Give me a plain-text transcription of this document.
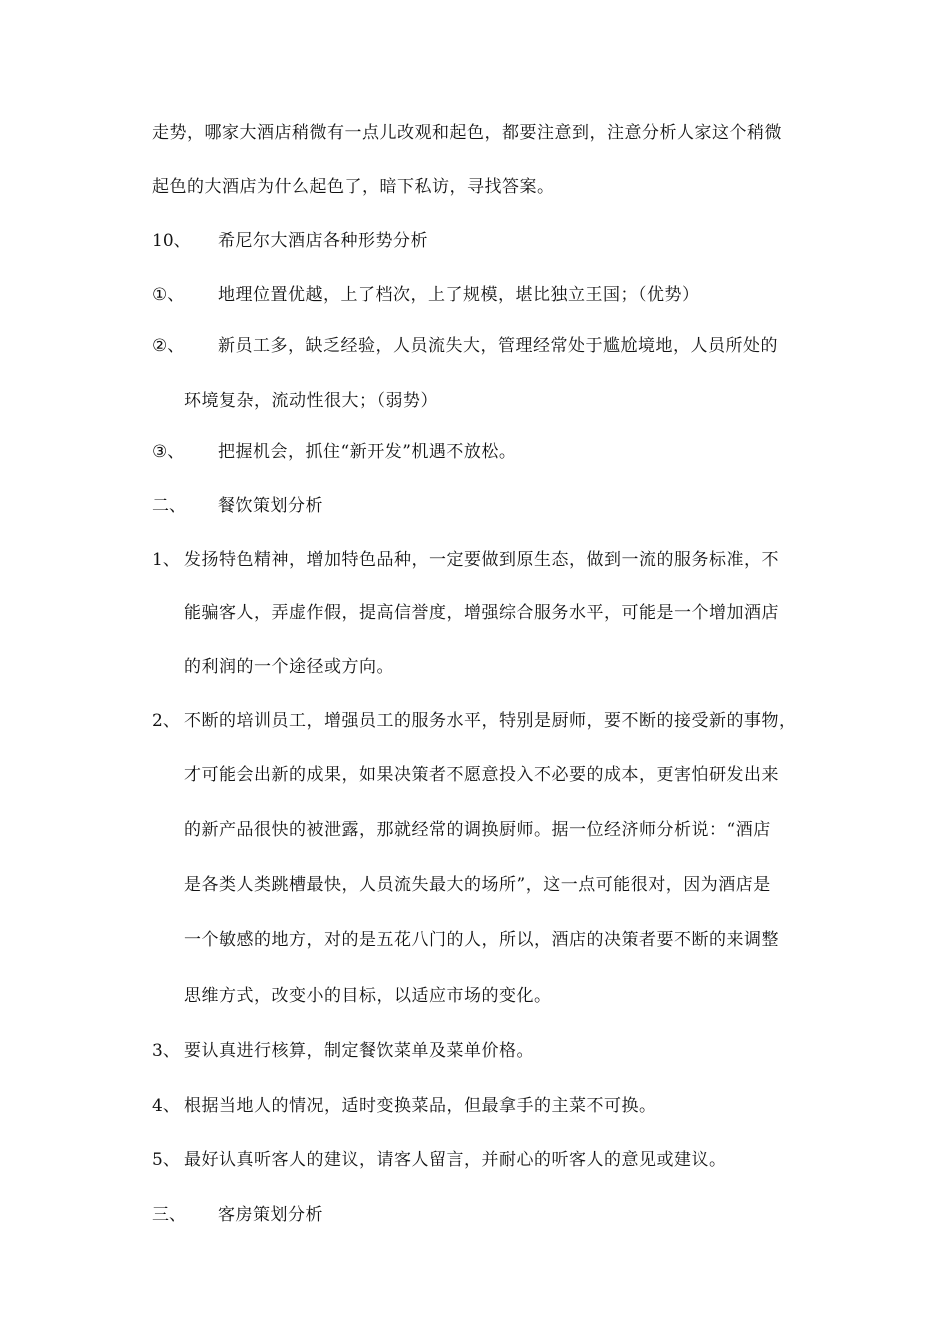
走势，哪家大酒店稍微有一点儿改观和起色，都要注意到，注意分析人家这个稍微
起色的大酒店为什么起色了，暗下私访，寻找答案。
10、 希尼尔大酒店各种形势分析
①、 地理位置优越，上了档次，上了规模，堪比独立王国；（优势）
②、 新员工多，缺乏经验，人员流失大，管理经常处于尴尬境地，人员所处的
环境复杂，流动性很大；（弱势）
③、 把握机会，抓住“新开发”机遇不放松。
二、 餐饮策划分析
1、 发扬特色精神，增加特色品种，一定要做到原生态，做到一流的服务标准，不
能骗客人，弄虚作假，提高信誉度，增强综合服务水平，可能是一个增加酒店
的利润的一个途径或方向。
2、 不断的培训员工，增强员工的服务水平，特别是厨师，要不断的接受新的事物，
才可能会出新的成果，如果决策者不愿意投入不必要的成本，更害怕研发出来
的新产品很快的被泄露，那就经常的调换厨师。据一位经济师分析说：“酒店
是各类人类跳槽最快，人员流失最大的场所”，这一点可能很对，因为酒店是
一个敏感的地方，对的是五花八门的人，所以，酒店的决策者要不断的来调整
思维方式，改变小的目标，以适应市场的变化。
3、 要认真进行核算，制定餐饮菜单及菜单价格。
4、 根据当地人的情况，适时变换菜品，但最拿手的主菜不可换。
5、 最好认真听客人的建议，请客人留言，并耐心的听客人的意见或建议。
三、 客房策划分析
